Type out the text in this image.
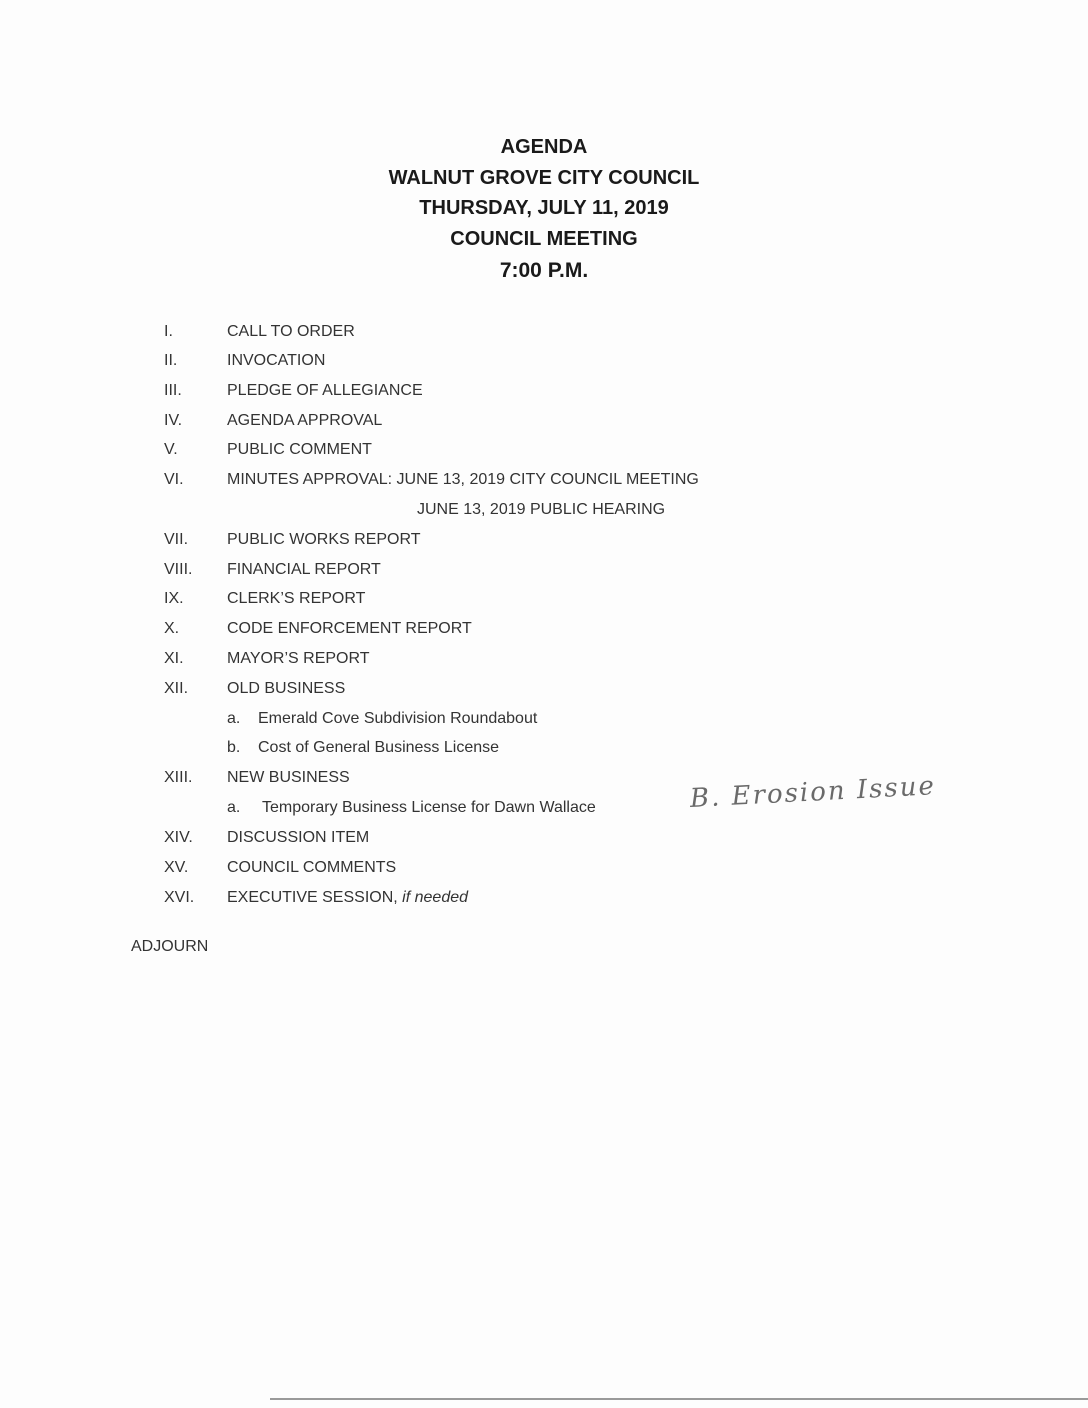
AGENDA
WALNUT GROVE CITY COUNCIL
THURSDAY, JULY 11, 2019
COUNCIL MEETING
7:00 P.M.
I.	CALL TO ORDER
II.	INVOCATION
III.	PLEDGE OF ALLEGIANCE
IV.	AGENDA APPROVAL
V.	PUBLIC COMMENT
VI.	MINUTES APPROVAL: JUNE 13, 2019 CITY COUNCIL MEETING
JUNE 13, 2019 PUBLIC HEARING
VII. PUBLIC WORKS REPORT
VIII. FINANCIAL REPORT
IX.	CLERK’S REPORT
X.	CODE ENFORCEMENT REPORT
XI.	MAYOR’S REPORT
XII. OLD BUSINESS
a. Emerald Cove Subdivision Roundabout
b. Cost of General Business License
XIII. NEW BUSINESS
a. Temporary Business License for Dawn Wallace	B. Erosion Issue
XIV. DISCUSSION ITEM
XV. COUNCIL COMMENTS
XVI. EXECUTIVE SESSION, if needed
ADJOURN
